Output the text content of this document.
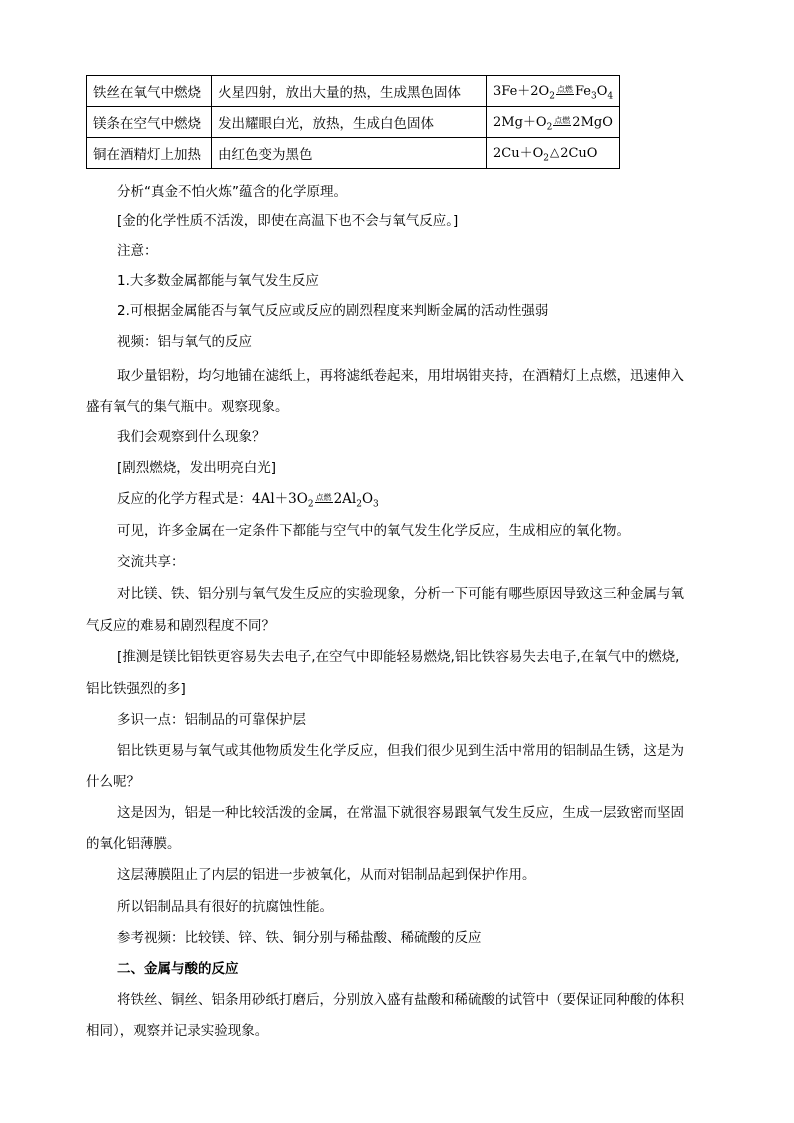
铁丝在氧气中燃烧	火星四射，放出大量的热，生成黑色固体	$3Fe+2O_2$点燃 $Fe_3O_4$
镁条在空气中燃烧	发出耀眼白光，放热，生成白色固体	$2Mg+O_2$点燃 2MgO
铜在酒精灯上加热	由红色变为黑色	$2Cu+O_2\triangle 2CuO$
分析“真金不怕火炼”蕴含的化学原理。
[金的化学性质不活泼，即使在高温下也不会与氧气反应。]
注意：
1.大多数金属都能与氧气发生反应
2.可根据金属能否与氧气反应或反应的剧烈程度来判断金属的活动性强弱
视频：铝与氧气的反应
取少量铝粉，均匀地铺在滤纸上，再将滤纸卷起来，用坩埚钳夹持，在酒精灯上点燃，迅速伸入
盛有氧气的集气瓶中。观察现象。
我们会观察到什么现象？
[剧烈燃烧，发出明亮白光]
反应的化学方程式是：$4Al+3O_2$点燃 $2Al_2O_3$
可见，许多金属在一定条件下都能与空气中的氧气发生化学反应，生成相应的氧化物。
交流共享：
对比镁、铁、铝分别与氧气发生反应的实验现象，分析一下可能有哪些原因导致这三种金属与氧
气反应的难易和剧烈程度不同？
[推测是镁比铝铁更容易失去电子,在空气中即能轻易燃烧,铝比铁容易失去电子,在氧气中的燃烧,
铝比铁强烈的多]
多识一点：铝制品的可靠保护层
铝比铁更易与氧气或其他物质发生化学反应，但我们很少见到生活中常用的铝制品生锈，这是为
什么呢？
这是因为，铝是一种比较活泼的金属，在常温下就很容易跟氧气发生反应，生成一层致密而坚固
的氧化铝薄膜。
这层薄膜阻止了内层的铝进一步被氧化，从而对铝制品起到保护作用。
所以铝制品具有很好的抗腐蚀性能。
参考视频：比较镁、锌、铁、铜分别与稀盐酸、稀硫酸的反应
二、金属与酸的反应
将铁丝、铜丝、铝条用砂纸打磨后，分别放入盛有盐酸和稀硫酸的试管中（要保证同种酸的体积
相同），观察并记录实验现象。
